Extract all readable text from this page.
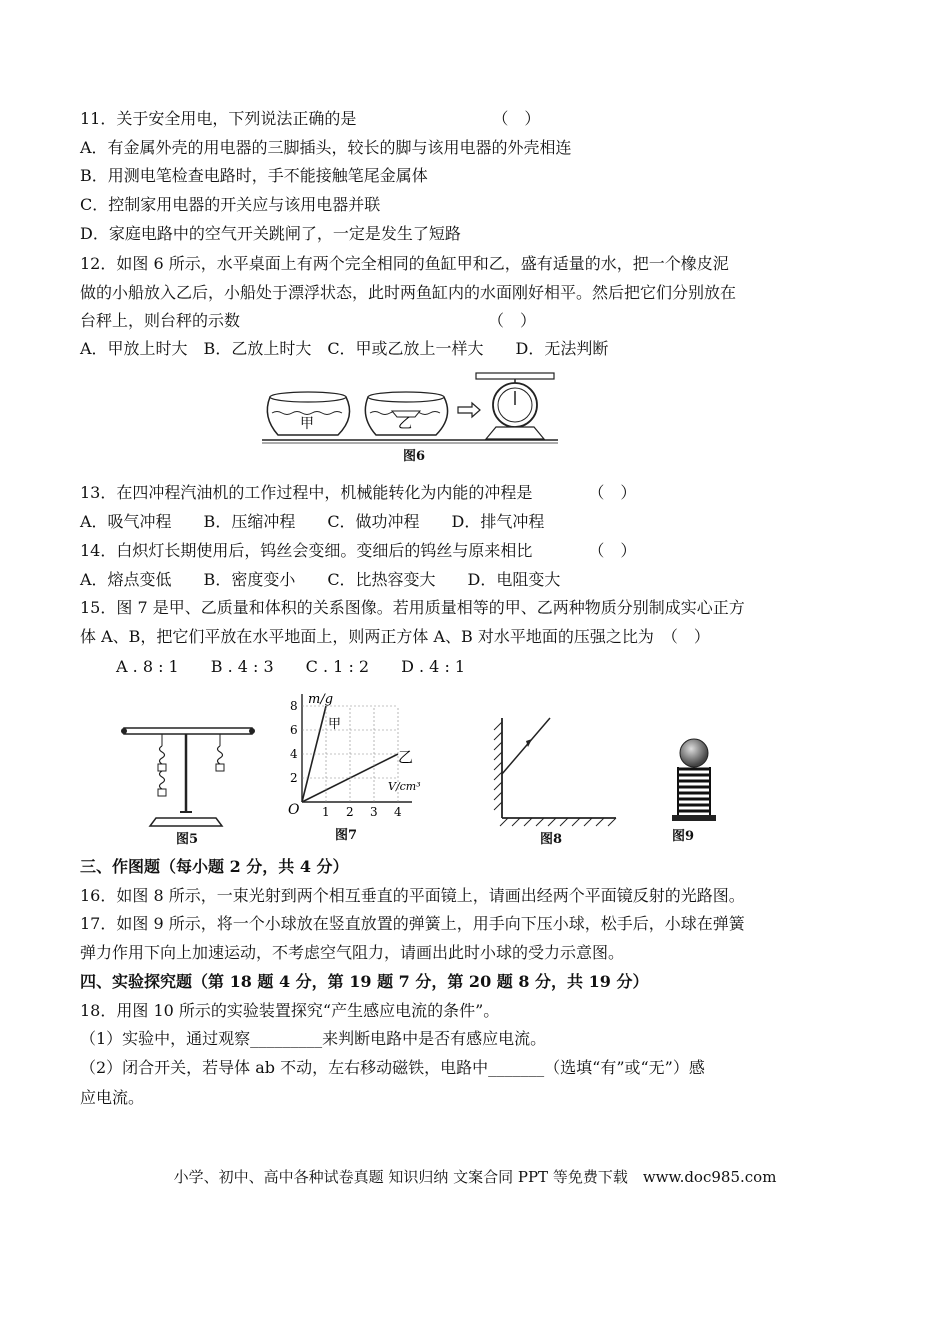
11．关于安全用电，下列说法正确的是　　　　　　　　　（　）
A．有金属外壳的用电器的三脚插头，较长的脚与该用电器的外壳相连
B．用测电笔检查电路时，手不能接触笔尾金属体
C．控制家用电器的开关应与该用电器并联
D．家庭电路中的空气开关跳闸了，一定是发生了短路
12．如图 6 所示，水平桌面上有两个完全相同的鱼缸甲和乙，盛有适量的水，把一个橡皮泥
做的小船放入乙后，小船处于漂浮状态，此时两鱼缸内的水面刚好相平。然后把它们分别放在
台秤上，则台秤的示数　　　　　　　　　　　　　　　　（　）
A．甲放上时大　B．乙放上时大　C．甲或乙放上一样大　　D．无法判断
甲	乙
图6
13．在四冲程汽油机的工作过程中，机械能转化为内能的冲程是　　　　（　）
A．吸气冲程　　B．压缩冲程　　C．做功冲程　　D．排气冲程
14．白炽灯长期使用后，钨丝会变细。变细后的钨丝与原来相比　　　　（　）
A．熔点变低　　B．密度变小　　C．比热容变大　　D．电阻变大
15．图 7 是甲、乙质量和体积的关系图像。若用质量相等的甲、乙两种物质分别制成实心正方
体 A、B，把它们平放在水平地面上，则两正方体 A、B 对水平地面的压强之比为　（　）
A . 8 : 1　　B . 4 : 3　　C . 1 : 2　　D . 4 : 1
图5
2
4
6
8
4
3
2
1
m/g
V/cm³
O
甲
乙
图7	图8	图9
三、作图题（每小题 2 分，共 4 分）
16．如图 8 所示，一束光射到两个相互垂直的平面镜上，请画出经两个平面镜反射的光路图。
17．如图 9 所示，将一个小球放在竖直放置的弹簧上，用手向下压小球，松手后，小球在弹簧
弹力作用下向上加速运动，不考虑空气阻力，请画出此时小球的受力示意图。
四、实验探究题（第 18 题 4 分，第 19 题 7 分，第 20 题 8 分，共 19 分）
18．用图 10 所示的实验装置探究“产生感应电流的条件”。
（1）实验中，通过观察_________来判断电路中是否有感应电流。
（2）闭合开关，若导体 ab 不动，左右移动磁铁，电路中_______（选填“有”或“无”）感
应电流。
小学、初中、高中各种试卷真题 知识归纳 文案合同 PPT 等免费下载　www.doc985.com
